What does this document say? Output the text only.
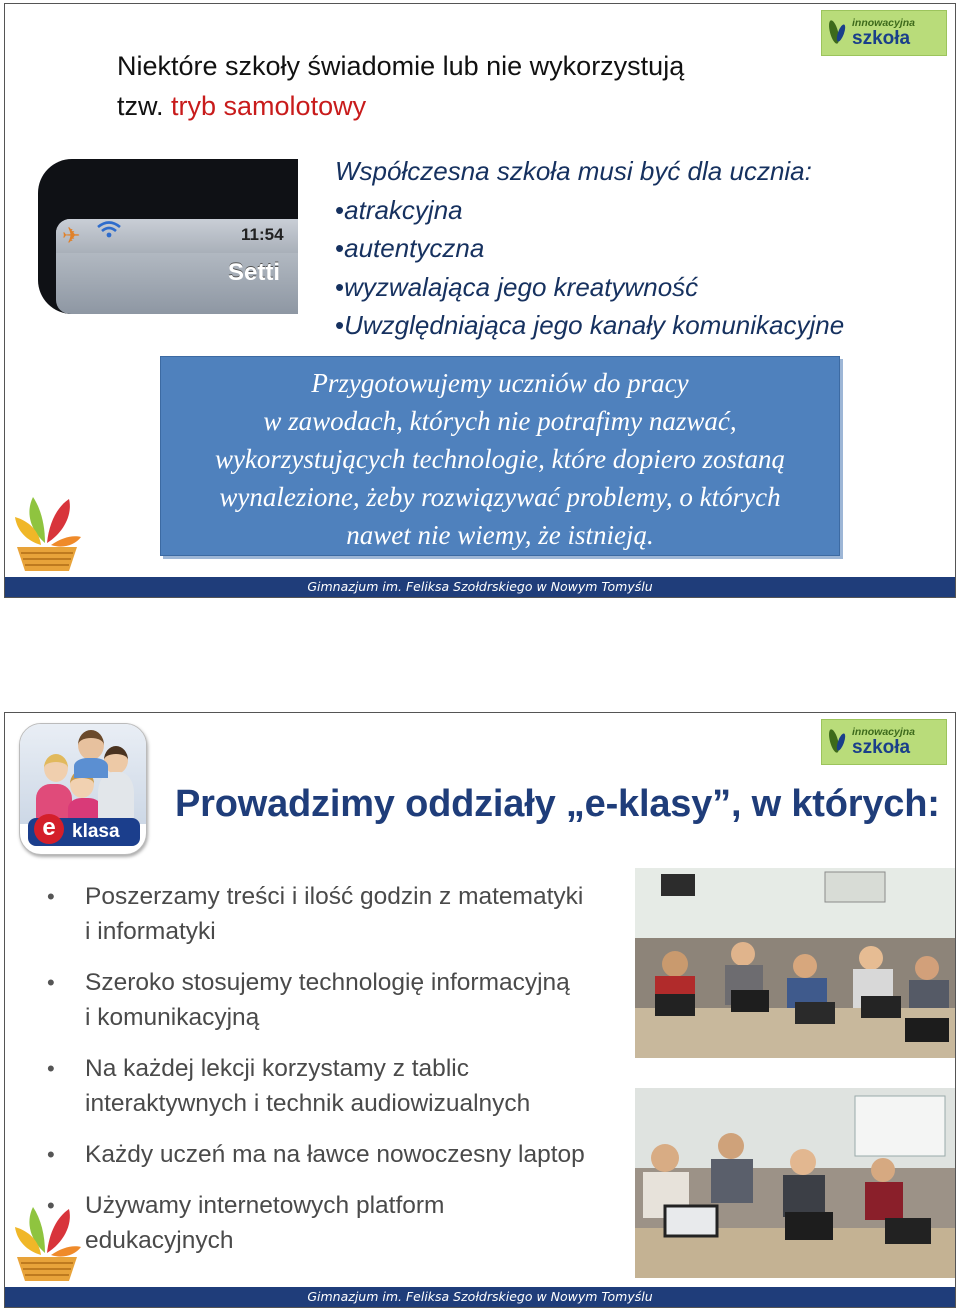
innowacyjna
szkoła
Niektóre szkoły świadomie lub nie wykorzystują
tzw. tryb samolotowy
✈	11:54
Setti
Współczesna szkoła musi być dla ucznia:
• atrakcyjna
• autentyczna
• wyzwalająca jego kreatywność
• Uwzględniająca jego kanały komunikacyjne
Przygotowujemy uczniów do pracy
w zawodach, których nie potrafimy nazwać,
wykorzystujących technologie, które dopiero zostaną
wynalezione, żeby rozwiązywać problemy, o których
nawet nie wiemy, że istnieją.
Gimnazjum im. Feliksa Szołdrskiego w Nowym Tomyślu
innowacyjna
szkoła
klasa
e
Prowadzimy oddziały „e-klasy”, w których:
• Poszerzamy treści i ilość godzin z matematyki
i informatyki
• Szeroko stosujemy technologię informacyjną
i komunikacyjną
• Na każdej lekcji korzystamy z tablic
interaktywnych i technik audiowizualnych
• Każdy uczeń ma na ławce nowoczesny laptop
• Używamy internetowych platform
edukacyjnych
Gimnazjum im. Feliksa Szołdrskiego w Nowym Tomyślu
